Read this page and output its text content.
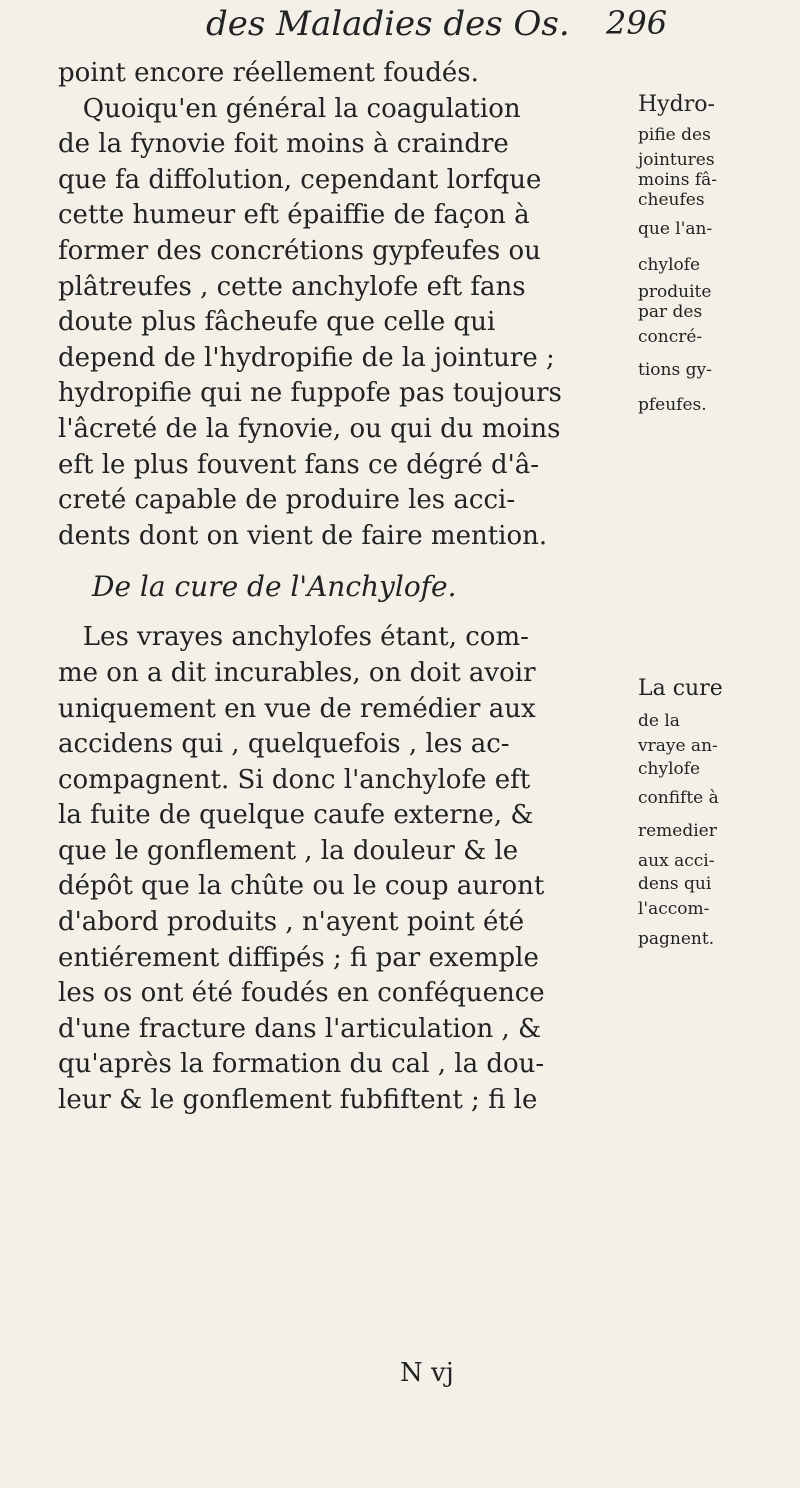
des Maladies des Os. 296
point encore réellement foudés.
Quoiqu'en général la coagulation
de la fynovie foit moins à craindre
que fa diffolution, cependant lorfque
cette humeur eft épaiffie de façon à
former des concrétions gypfeufes ou
plâtreufes , cette anchylofe eft fans
doute plus fâcheufe que celle qui
depend de l'hydropifie de la jointure ;
hydropifie qui ne fuppofe pas toujours
l'âcreté de la fynovie, ou qui du moins
eft le plus fouvent fans ce dégré d'â-
creté capable de produire les acci-
dents dont on vient de faire mention.
De la cure de l'Anchylofe.
Les vrayes anchylofes étant, com-
me on a dit incurables, on doit avoir
uniquement en vue de remédier aux
accidens qui , quelquefois , les ac-
compagnent. Si donc l'anchylofe eft
la fuite de quelque caufe externe, &
que le gonflement , la douleur & le
dépôt que la chûte ou le coup auront
d'abord produits , n'ayent point été
entiérement diffipés ; fi par exemple
les os ont été foudés en conféquence
d'une fracture dans l'articulation , &
qu'après la formation du cal , la dou-
leur & le gonflement fubfiftent ; fi le
Hydro-
pifie des
jointures
moins fâ-
cheufes
que l'an-
chylofe
produite
par des
concré-
tions gy-
pfeufes.
La cure
de la
vraye an-
chylofe
confifte à
remedier
aux acci-
dens qui
l'accom-
pagnent.
N vj
